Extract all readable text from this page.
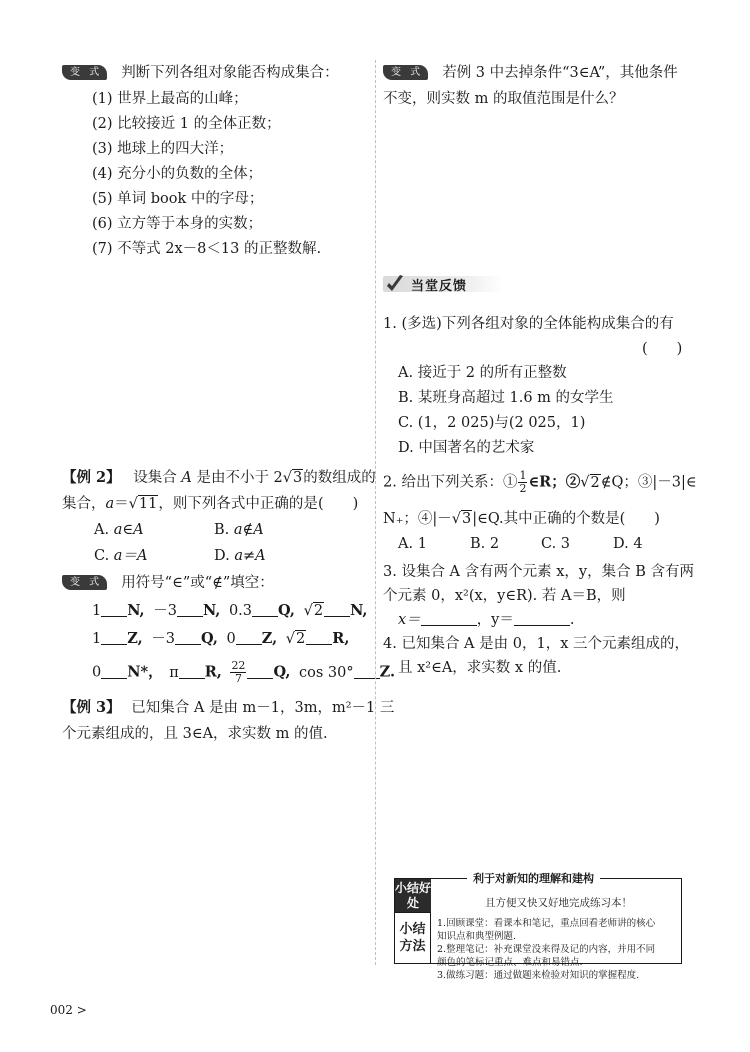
变 式 判断下列各组对象能否构成集合：
(1) 世界上最高的山峰；
(2) 比较接近 1 的全体正数；
(3) 地球上的四大洋；
(4) 充分小的负数的全体；
(5) 单词 book 中的字母；
(6) 立方等于本身的实数；
(7) 不等式 2x－8＜13 的正整数解.
【例 2】 设集合 A 是由不小于 2√3的数组成的
集合，a＝√11，则下列各式中正确的是 (　　)
A. a∈A	B. a∉A
C. a＝A	D. a≠A
变 式 用符号“∈”或“∉”填空：
1 N, －3 N, 0.3 Q, √2 N,
1 Z, －3 Q, 0 Z, √2 R,
0 N*， π R, $\frac{22}{7} Q$, cos 30° Z.
【例 3】 已知集合 A 是由 m－1，3m，m²－1 三
个元素组成的，且 3∈A，求实数 m 的值.
变 式 若例 3 中去掉条件“3∈A”，其他条件
不变，则实数 m 的取值范围是什么？
当堂反馈
1. (多选)下列各组对象的全体能构成集合的有
(　　)
A. 接近于 2 的所有正整数
B. 某班身高超过 1.6 m 的女学生
C. (1，2 025)与(2 025，1)
D. 中国著名的艺术家
2. 给出下列关系：① $\frac{1}{2}$ ∈R；②√2∉Q；③|－3|∈
N₊；④|－√3|∈Q.其中正确的个数是(　　)
A. 1	B. 2	C. 3	D. 4
3. 设集合 A 含有两个元素 x，y，集合 B 含有两
个元素 0，x²(x，y∈R). 若 A＝B，则
x＝	，y＝	.
4. 已知集合 A 是由 0，1，x 三个元素组成的，
且 x²∈A，求实数 x 的值.
利于对新知的理解和建构
小结好处	且方便又快又好地完成练习本！
小结方法
1.回顾课堂：看课本和笔记，重点回看老师讲的核心
知识点和典型例题.
2.整理笔记：补充课堂没来得及记的内容，并用不同
颜色的笔标记重点、难点和易错点.
3.做练习题：通过做题来检验对知识的掌握程度.
002 >
